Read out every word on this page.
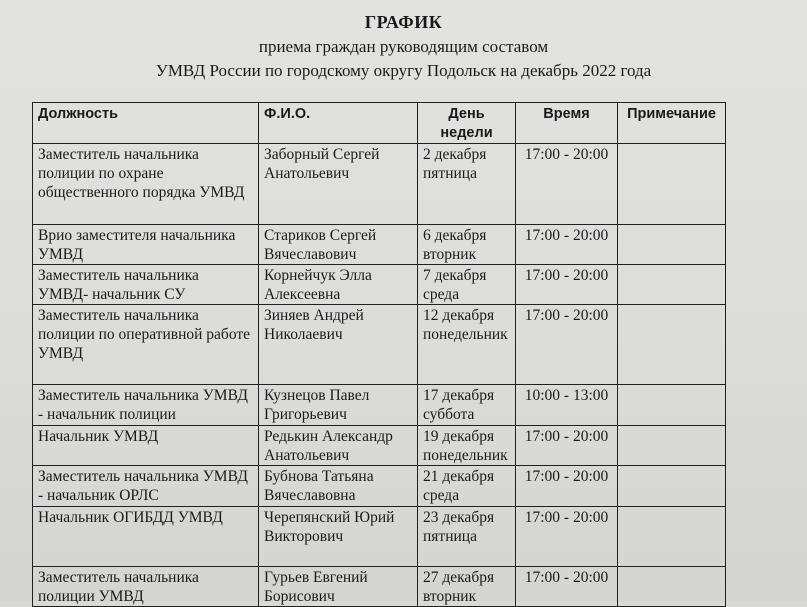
ГРАФИК
приема граждан руководящим составом
УМВД России по городскому округу Подольск на декабрь 2022 года
Должность	Ф.И.О.	День недели	Время	Примечание
Заместитель начальника полиции по охране общественного порядка УМВД	Заборный Сергей Анатольевич	2 декабря пятница	17:00 - 20:00	
Врио заместителя начальника УМВД	Стариков Сергей Вячеславович	6 декабря вторник	17:00 - 20:00	
Заместитель начальника УМВД- начальник СУ	Корнейчук Элла Алексеевна	7 декабря среда	17:00 - 20:00	
Заместитель начальника полиции по оперативной работе УМВД	Зиняев Андрей Николаевич	12 декабря понедельник	17:00 - 20:00	
Заместитель начальника УМВД - начальник полиции	Кузнецов Павел Григорьевич	17 декабря суббота	10:00 - 13:00	
Начальник УМВД	Редькин Александр Анатольевич	19 декабря понедельник	17:00 - 20:00	
Заместитель начальника УМВД - начальник ОРЛС	Бубнова Татьяна Вячеславовна	21 декабря среда	17:00 - 20:00	
Начальник ОГИБДД УМВД	Черепянский Юрий Викторович	23 декабря пятница	17:00 - 20:00	
Заместитель начальника полиции УМВД	Гурьев Евгений Борисович	27 декабря вторник	17:00 - 20:00	
